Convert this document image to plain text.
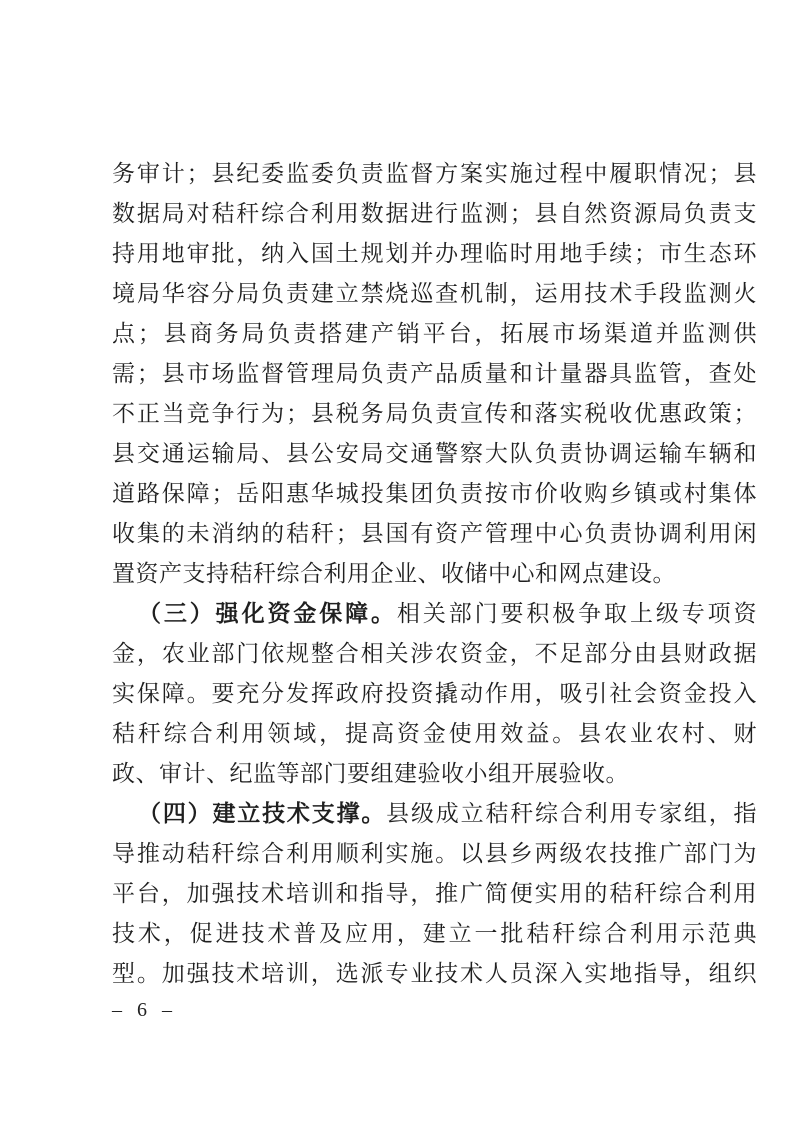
务审计；县纪委监委负责监督方案实施过程中履职情况；县
数据局对秸秆综合利用数据进行监测；县自然资源局负责支
持用地审批，纳入国土规划并办理临时用地手续；市生态环
境局华容分局负责建立禁烧巡查机制，运用技术手段监测火
点；县商务局负责搭建产销平台，拓展市场渠道并监测供
需；县市场监督管理局负责产品质量和计量器具监管，查处
不正当竞争行为；县税务局负责宣传和落实税收优惠政策；
县交通运输局、县公安局交通警察大队负责协调运输车辆和
道路保障；岳阳惠华城投集团负责按市价收购乡镇或村集体
收集的未消纳的秸秆；县国有资产管理中心负责协调利用闲
置资产支持秸秆综合利用企业、收储中心和网点建设。
（三）强化资金保障。相关部门要积极争取上级专项资
金，农业部门依规整合相关涉农资金，不足部分由县财政据
实保障。要充分发挥政府投资撬动作用，吸引社会资金投入
秸秆综合利用领域，提高资金使用效益。县农业农村、财
政、审计、纪监等部门要组建验收小组开展验收。
（四）建立技术支撑。县级成立秸秆综合利用专家组，指
导推动秸秆综合利用顺利实施。以县乡两级农技推广部门为
平台，加强技术培训和指导，推广简便实用的秸秆综合利用
技术，促进技术普及应用，建立一批秸秆综合利用示范典
型。加强技术培训，选派专业技术人员深入实地指导，组织
– 6 –
